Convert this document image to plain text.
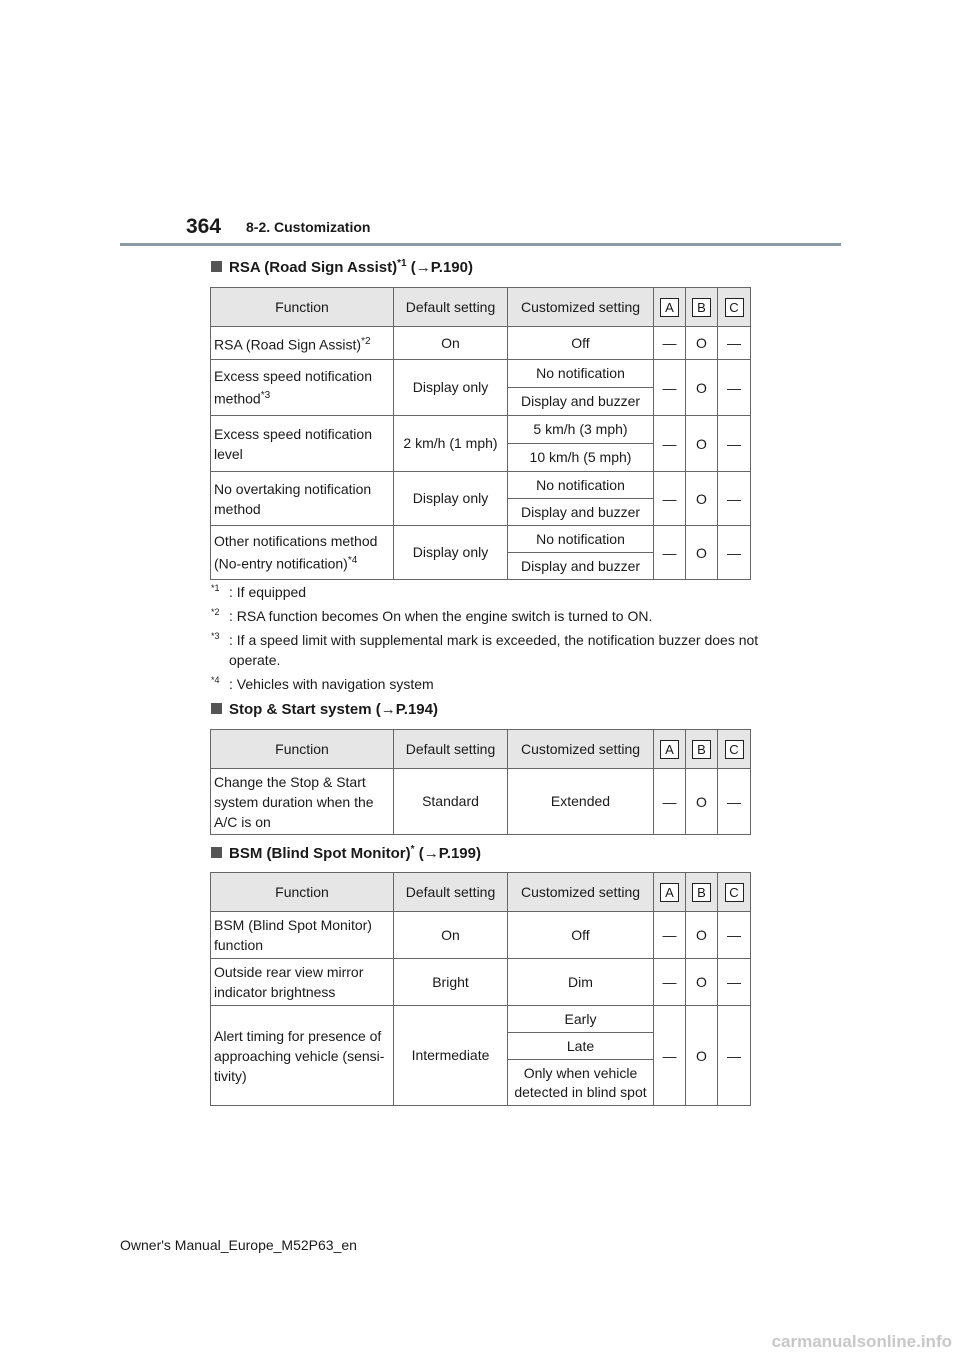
364 8-2. Customization
RSA (Road Sign Assist)$^{*1}$ (→P.190)
Function	Default setting	Customized setting	A	B	C
RSA (Road Sign Assist)$^{*2}$	On	Off	—	O	—
Excess speed notification method$^{*3}$	Display only	No notification	—	O	—
		Display and buzzer			
Excess speed notification level	2 km/h (1 mph)	5 km/h (3 mph)	—	O	—
		10 km/h (5 mph)			
No overtaking notification method	Display only	No notification	—	O	—
		Display and buzzer			
Other notifications method (No-entry notification)$^{*4}$	Display only	No notification	—	O	—
		Display and buzzer			
*1 : If equipped
*2 : RSA function becomes On when the engine switch is turned to ON.
*3 : If a speed limit with supplemental mark is exceeded, the notification buzzer does not operate.
*4 : Vehicles with navigation system
Stop & Start system (→P.194)
Function	Default setting	Customized setting	A	B	C
Change the Stop & Start system duration when the A/C is on	Standard	Extended	—	O	—
BSM (Blind Spot Monitor)* (→P.199)
Function	Default setting	Customized setting	A	B	C
BSM (Blind Spot Monitor) function	On	Off	—	O	—
Outside rear view mirror indicator brightness	Bright	Dim	—	O	—
Alert timing for presence of approaching vehicle (sensi-tivity)	Intermediate	Early	—	O	—
		Late			
		Only when vehicle detected in blind spot			
Owner's Manual_Europe_M52P63_en
carmanualsonline.info
